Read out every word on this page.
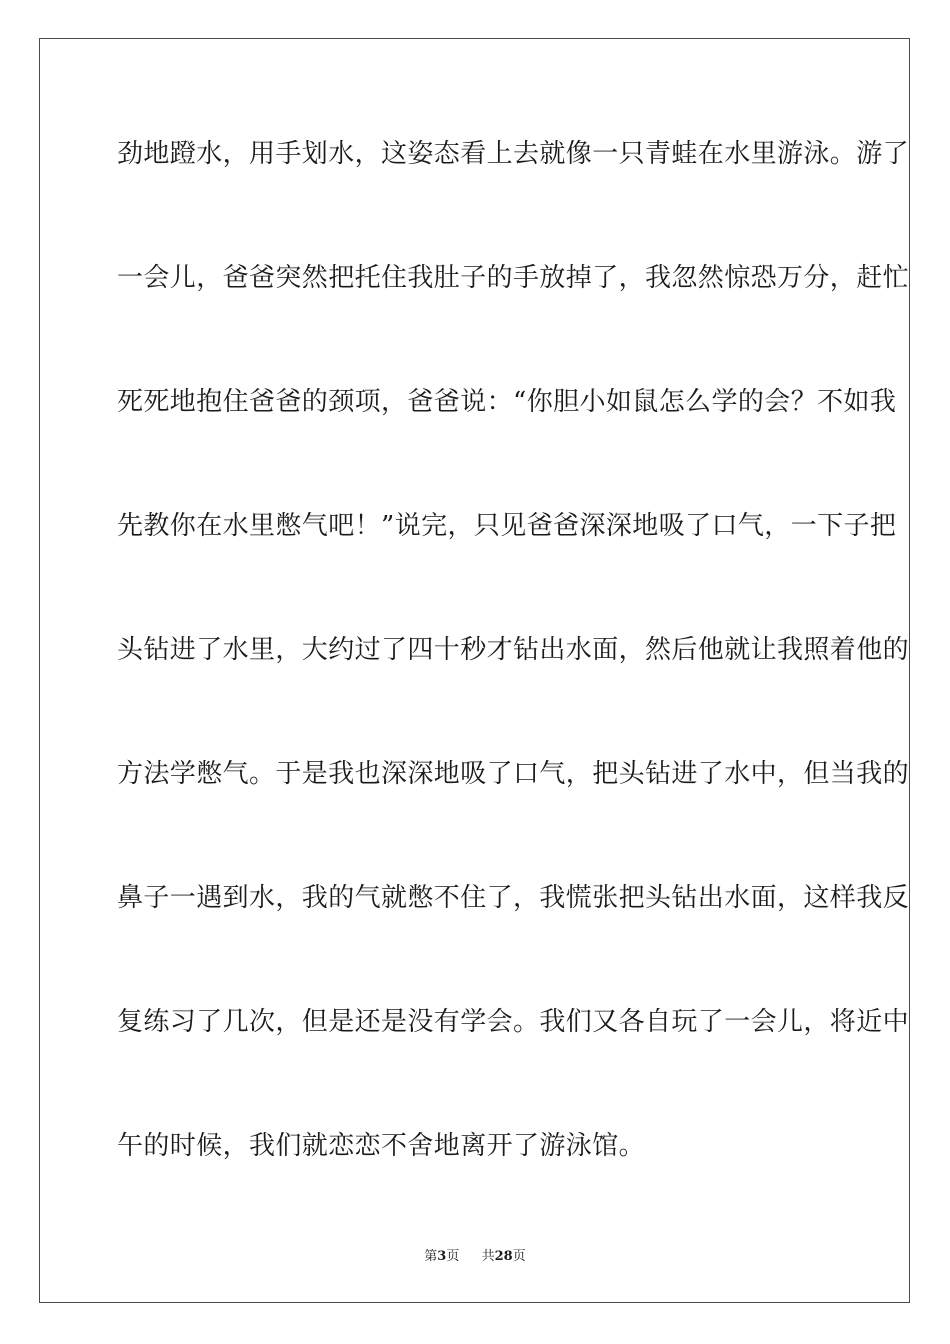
劲地蹬水，用手划水，这姿态看上去就像一只青蛙在水里游泳。游了
一会儿，爸爸突然把托住我肚子的手放掉了，我忽然惊恐万分，赶忙
死死地抱住爸爸的颈项，爸爸说：“你胆小如鼠怎么学的会？不如我
先教你在水里憋气吧！”说完，只见爸爸深深地吸了口气，一下子把
头钻进了水里，大约过了四十秒才钻出水面，然后他就让我照着他的
方法学憋气。于是我也深深地吸了口气，把头钻进了水中，但当我的
鼻子一遇到水，我的气就憋不住了，我慌张把头钻出水面，这样我反
复练习了几次，但是还是没有学会。我们又各自玩了一会儿，将近中
午的时候，我们就恋恋不舍地离开了游泳馆。
第3页 共28页
